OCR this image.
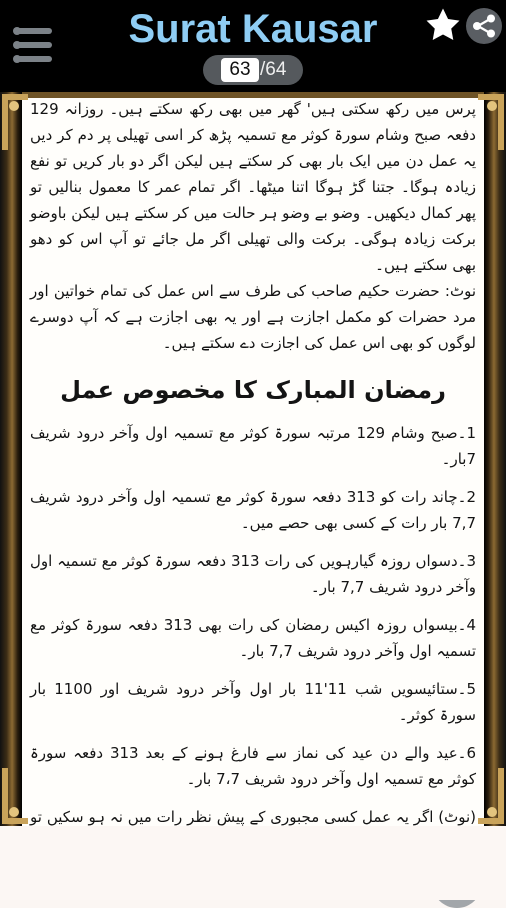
Surat Kausar
63 /64

پرس میں رکھ سکتی ہیں' گھر میں بھی رکھ سکتے ہیں۔ روزانہ 129 دفعہ صبح وشام سورۃ کوثر مع تسمیہ پڑھ کر اسی تھیلی پر دم کر دیں یہ عمل دن میں ایک بار بھی کر سکتے ہیں لیکن اگر دو بار کریں تو نفع زیادہ ہوگا۔ جتنا گڑ ہوگا اتنا میٹھا۔ اگر تمام عمر کا معمول بنالیں تو پھر کمال دیکھیں۔ وضو بے وضو ہر حالت میں کر سکتے ہیں لیکن باوضو برکت زیادہ ہوگی۔ برکت والی تھیلی اگر مل جائے تو آپ اس کو دھو بھی سکتے ہیں۔

نوٹ: حضرت حکیم صاحب کی طرف سے اس عمل کی تمام خواتین اور مرد حضرات کو مکمل اجازت ہے اور یہ بھی اجازت ہے کہ آپ دوسرے لوگوں کو بھی اس عمل کی اجازت دے سکتے ہیں۔

رمضان المبارک کا مخصوص عمل

1۔صبح وشام 129 مرتبہ سورۃ کوثر مع تسمیہ اول وآخر درود شریف 7بار۔

2۔چاند رات کو 313 دفعہ سورۃ کوثر مع تسمیہ اول وآخر درود شریف 7,7 بار رات کے کسی بھی حصے میں۔

3۔دسواں روزہ گیارہویں کی رات 313 دفعہ سورۃ کوثر مع تسمیہ اول وآخر درود شریف 7,7 بار۔

4۔بیسواں روزہ اکیس رمضان کی رات بھی 313 دفعہ سورۃ کوثر مع تسمیہ اول وآخر درود شریف 7,7 بار۔

5۔ستائیسویں شب 11'11 بار اول وآخر درود شریف اور 1100 بار سورۃ کوثر۔

6۔عید والے دن عید کی نماز سے فارغ ہونے کے بعد 313 دفعہ سورۃ کوثر مع تسمیہ اول وآخر درود شریف 7،7 بار۔

(نوٹ) اگر یہ عمل کسی مجبوری کے پیش نظر رات میں نہ ہو سکیں تو
